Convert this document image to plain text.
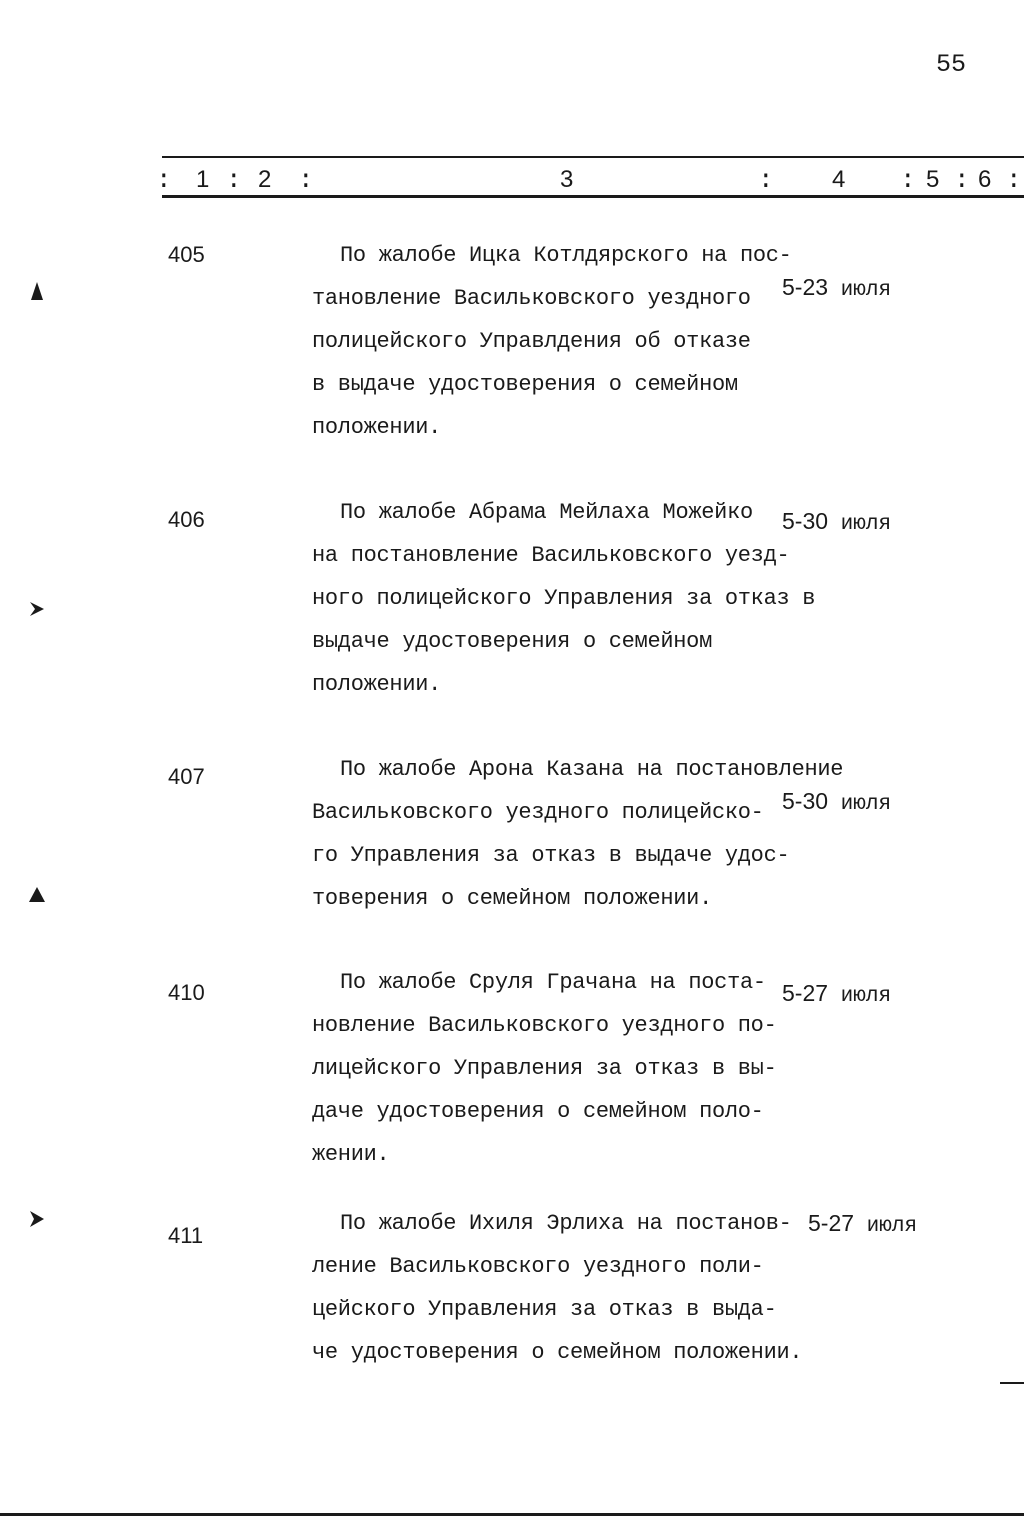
55
: 1 : 2 :	3	: 4 : 5 : 6 :
405	По жалобе Ицка Котлдярского на пос-
тановление Васильковского уездного
полицейского Управлдения об отказе
в выдаче удостоверения о семейном
положении.
5-23 июля
406	По жалобе Абрама Мейлаха Можейко
на постановление Васильковского уезд-
ного полицейского Управления за отказ в
выдаче удостоверения о семейном
положении.
5-30 июля
407	По жалобе Арона Казана на постановление
Васильковского уездного полицейско-
го Управления за отказ в выдаче удос-
товерения о семейном положении.
5-30 июля
410	По жалобе Сруля Грачана на поста-
новление Васильковского уездного по-
лицейского Управления за отказ в вы-
даче удостоверения о семейном поло-
жении.
5-27 июля
411	По жалобе Ихиля Эрлиха на постанов-
ление Васильковского уездного поли-
цейского Управления за отказ в выда-
че удостоверения о семейном положении.
5-27 июля
